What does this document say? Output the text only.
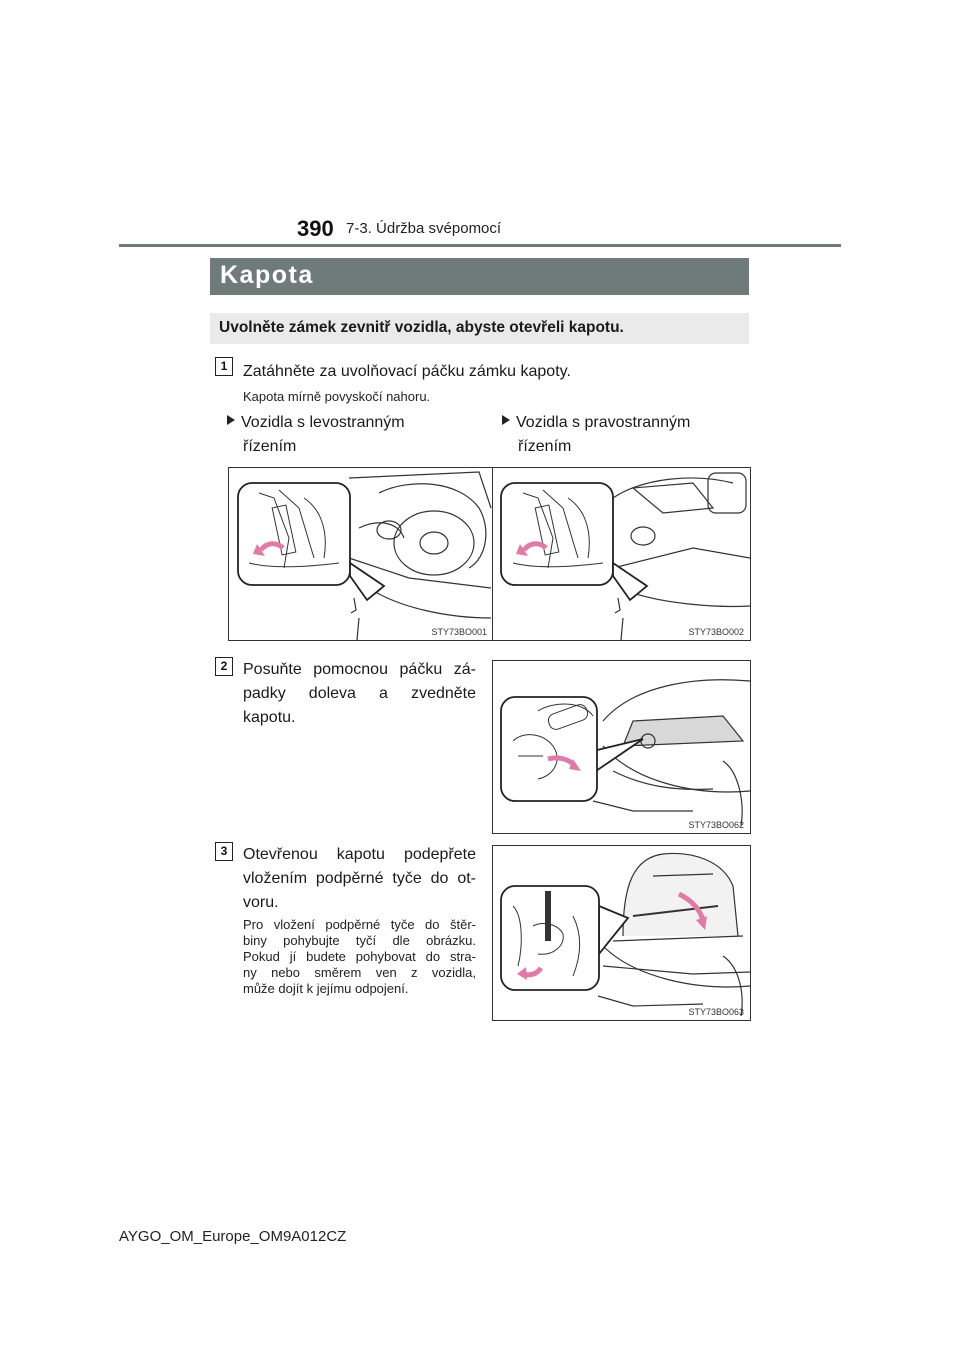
390 7-3. Údržba svépomocí
Kapota
Uvolněte zámek zevnitř vozidla, abyste otevřeli kapotu.
1 Zatáhněte za uvolňovací páčku zámku kapoty.
Kapota mírně povyskočí nahoru.
Vozidla s levostranným
řízením
Vozidla s pravostranným
řízením
STY73BO001	STY73BO002
2 Posuňte pomocnou páčku zá-
padky doleva a zvedněte kapotu.
STY73BO062
3 Otevřenou kapotu podepřete
vložením podpěrné tyče do ot-
voru.
Pro vložení podpěrné tyče do štěr-
biny pohybujte tyčí dle obrázku.
Pokud jí budete pohybovat do stra-
ny nebo směrem ven z vozidla,
může dojít k jejímu odpojení.
STY73BO063
AYGO_OM_Europe_OM9A012CZ
